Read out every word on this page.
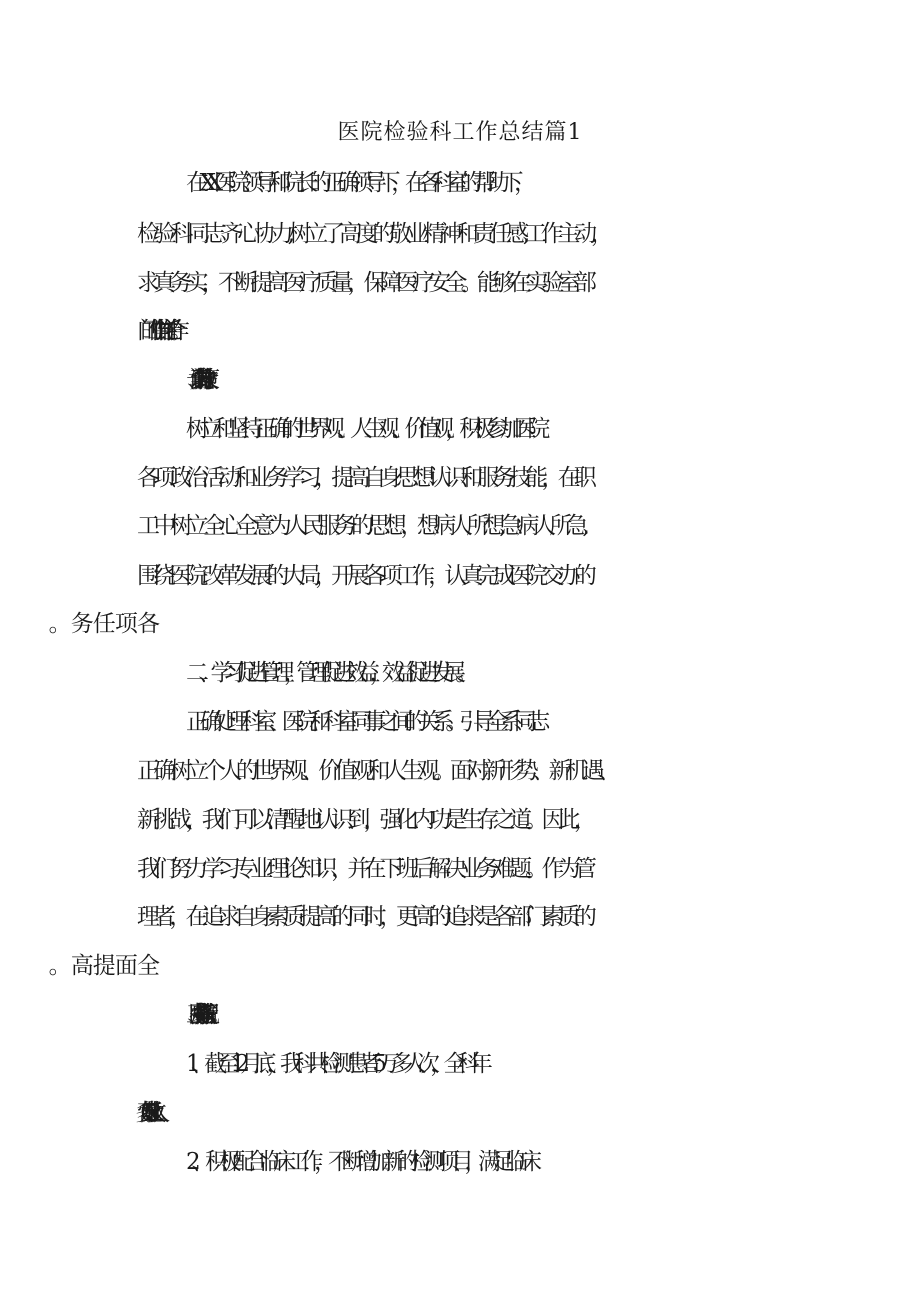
医院检验科工作总结篇1
在XX医院领导和院长的正确领导下，在各科室的帮助下，
检验科同志齐心协力,树立了高度的敬业精神和责任感,工作主动，
求真务实，不断提高医疗质量，保障医疗安全。能够在实验室部
门的工作中与主任合作。
一、认真学习党的方针政策
树立和坚持正确的世界观、人生观、价值观，积极参加医院
各项政治活动和业务学习，提高自身思想认识和服务技能，在职
工中树立全心全意为人民服务的思想，想病人所想,急病人所急,
围绕医院改革发展的大局，开展各项工作，认真完成医院交办的
二、学习促进管理，管理促进效益，效益促进发展。
正确处理科室、医院和科室同事之间的关系。引导全系同志
正确树立个人的世界观、价值观和人生观。面对新形势、新机遇、
新挑战，我们可以清醒地认识到，强化内功是生存之道。因此，
我们努力学习专业理论知识，并在下班后解决业务难题。作为管
理者，在追求自身素质提高的同时，更高的追求是各部门素质的
三、医疗业务指标完成情况
1、截至12月底，我科共检测患者5万多人次，全科年
营业收入150多万元。
2、积极配合临床工作，不断增加新的检测项目，满足临床
